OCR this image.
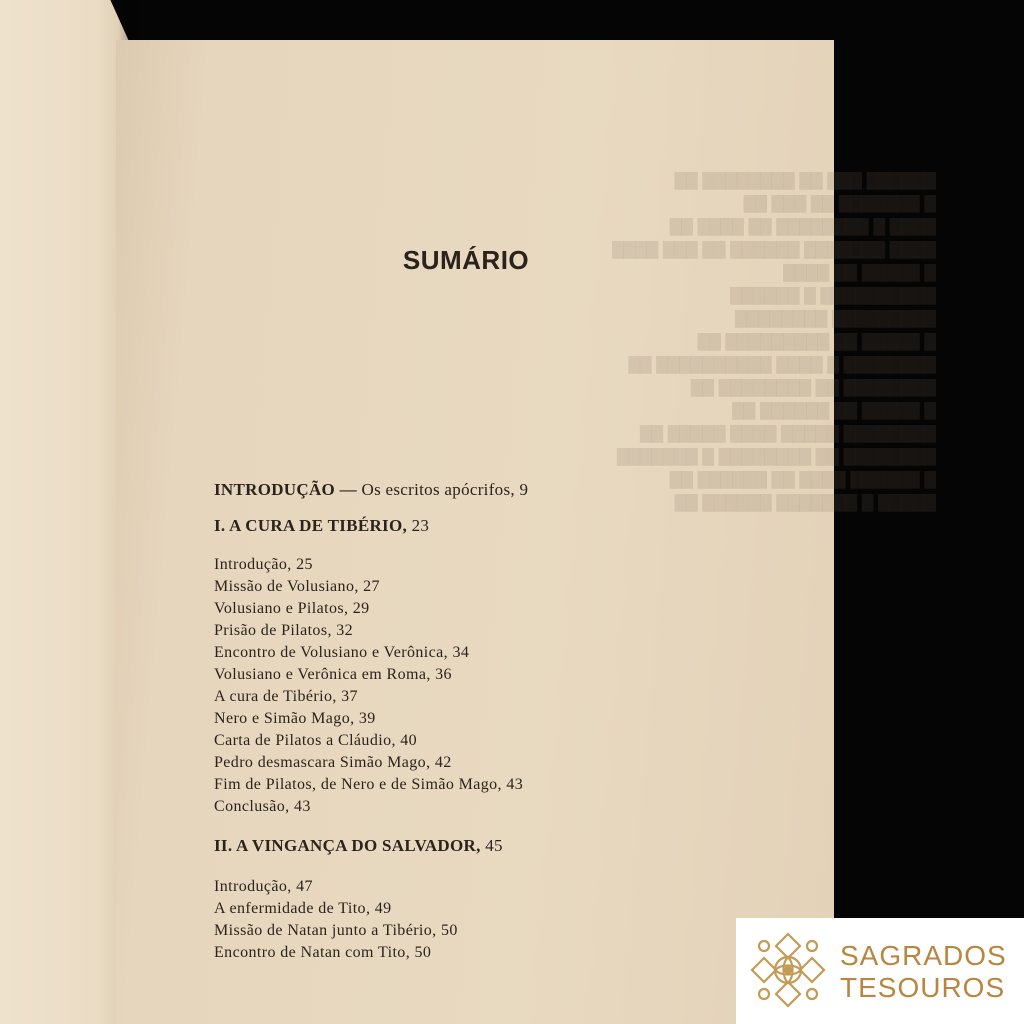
██████ ███ ██ ████████ ██
█ ███████ ██ ███ ██
████ █ ████████ ██ ████ ██
████ ███████ ██████ ██ ███ ████
█ █████ ██ ████
██████████ █ ██████
█████████ ████████
█ █████ ██ █████████ ██
████████ █ ████ ██████████ ██
████████ ██ ████████ ██
█ █████ ██ ██████ ██
████████ █████ ████ █████ ██
████████ ██ ████████ █ ███████
█ ██████ ████ ██ ██████ ██
█████ █ ███████ ██████ ██
SUMÁRIO
INTRODUÇÃO — Os escritos apócrifos, 9
I. A CURA DE TIBÉRIO, 23
Introdução, 25
Missão de Volusiano, 27
Volusiano e Pilatos, 29
Prisão de Pilatos, 32
Encontro de Volusiano e Verônica, 34
Volusiano e Verônica em Roma, 36
A cura de Tibério, 37
Nero e Simão Mago, 39
Carta de Pilatos a Cláudio, 40
Pedro desmascara Simão Mago, 42
Fim de Pilatos, de Nero e de Simão Mago, 43
Conclusão, 43
II. A VINGANÇA DO SALVADOR, 45
Introdução, 47
A enfermidade de Tito, 49
Missão de Natan junto a Tibério, 50
Encontro de Natan com Tito, 50	SAGRADOS
TESOUROS
